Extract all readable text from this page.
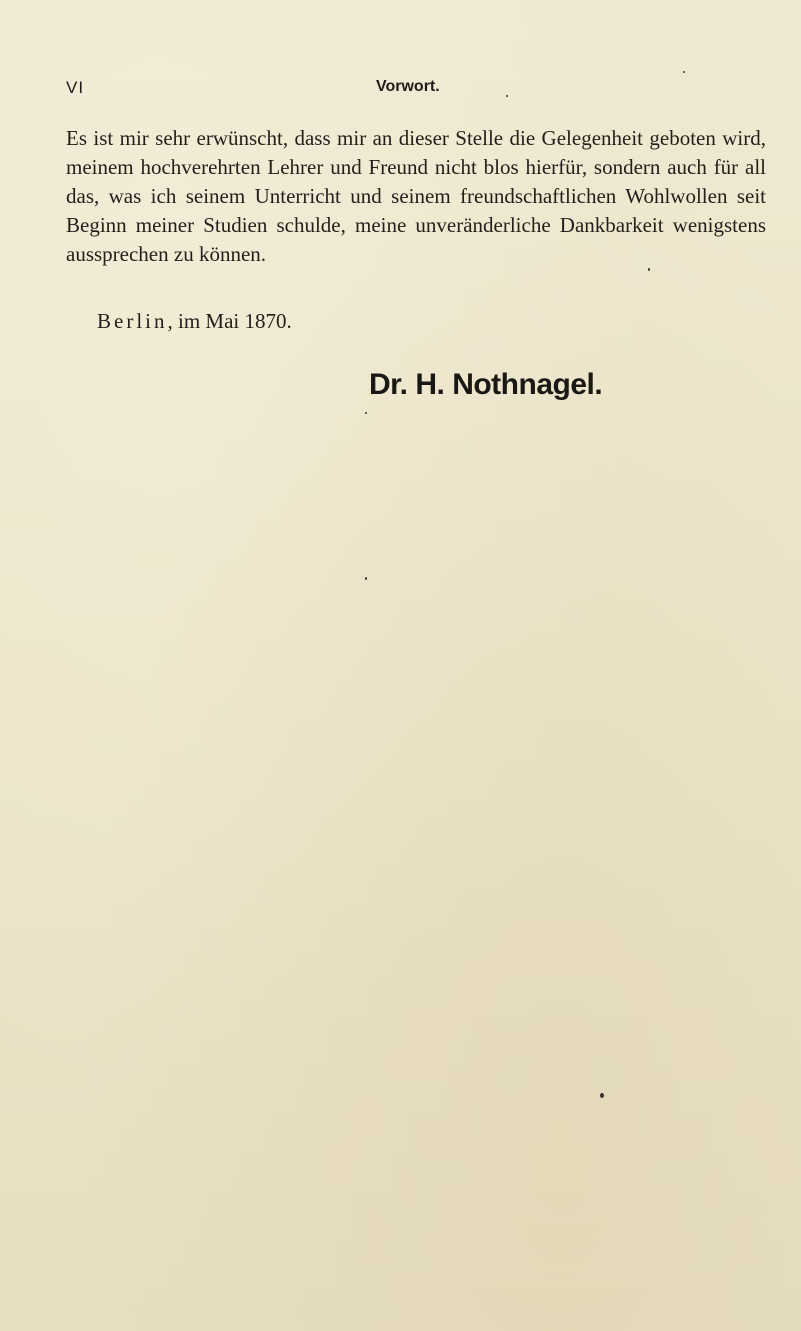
VI	Vorwort.

Es ist mir sehr erwünscht, dass mir an dieser Stelle die Gelegenheit geboten wird, meinem hochverehrten Lehrer und Freund nicht blos hierfür, sondern auch für all das, was ich seinem Unterricht und seinem freundschaftlichen Wohlwollen seit Beginn meiner Studien schulde, meine unveränderliche Dankbarkeit wenigstens aussprechen zu können.

Berlin, im Mai 1870.
Dr. H. Nothnagel.
